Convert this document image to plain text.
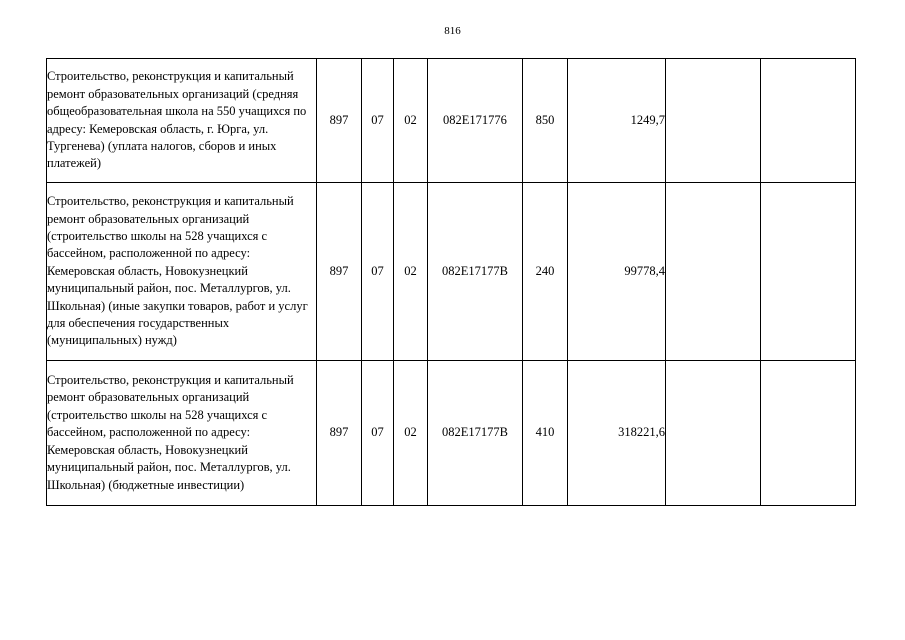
816
Строительство, реконструкция и капитальный ремонт образовательных организаций (средняя общеобразовательная школа на 550 учащихся по адресу: Кемеровская область, г. Юрга, ул. Тургенева) (уплата налогов, сборов и иных платежей)	897	07	02	082E171776	850	1249,7		
Строительство, реконструкция и капитальный ремонт образовательных организаций (строительство школы на 528 учащихся с бассейном, расположенной по адресу: Кемеровская область, Новокузнецкий муниципальный район, пос. Металлургов, ул. Школьная) (иные закупки товаров, работ и услуг для обеспечения государственных (муниципальных) нужд)	897	07	02	082E17177В	240	99778,4		
Строительство, реконструкция и капитальный ремонт образовательных организаций (строительство школы на 528 учащихся с бассейном, расположенной по адресу: Кемеровская область, Новокузнецкий муниципальный район, пос. Металлургов, ул. Школьная) (бюджетные инвестиции)	897	07	02	082E17177В	410	318221,6		
